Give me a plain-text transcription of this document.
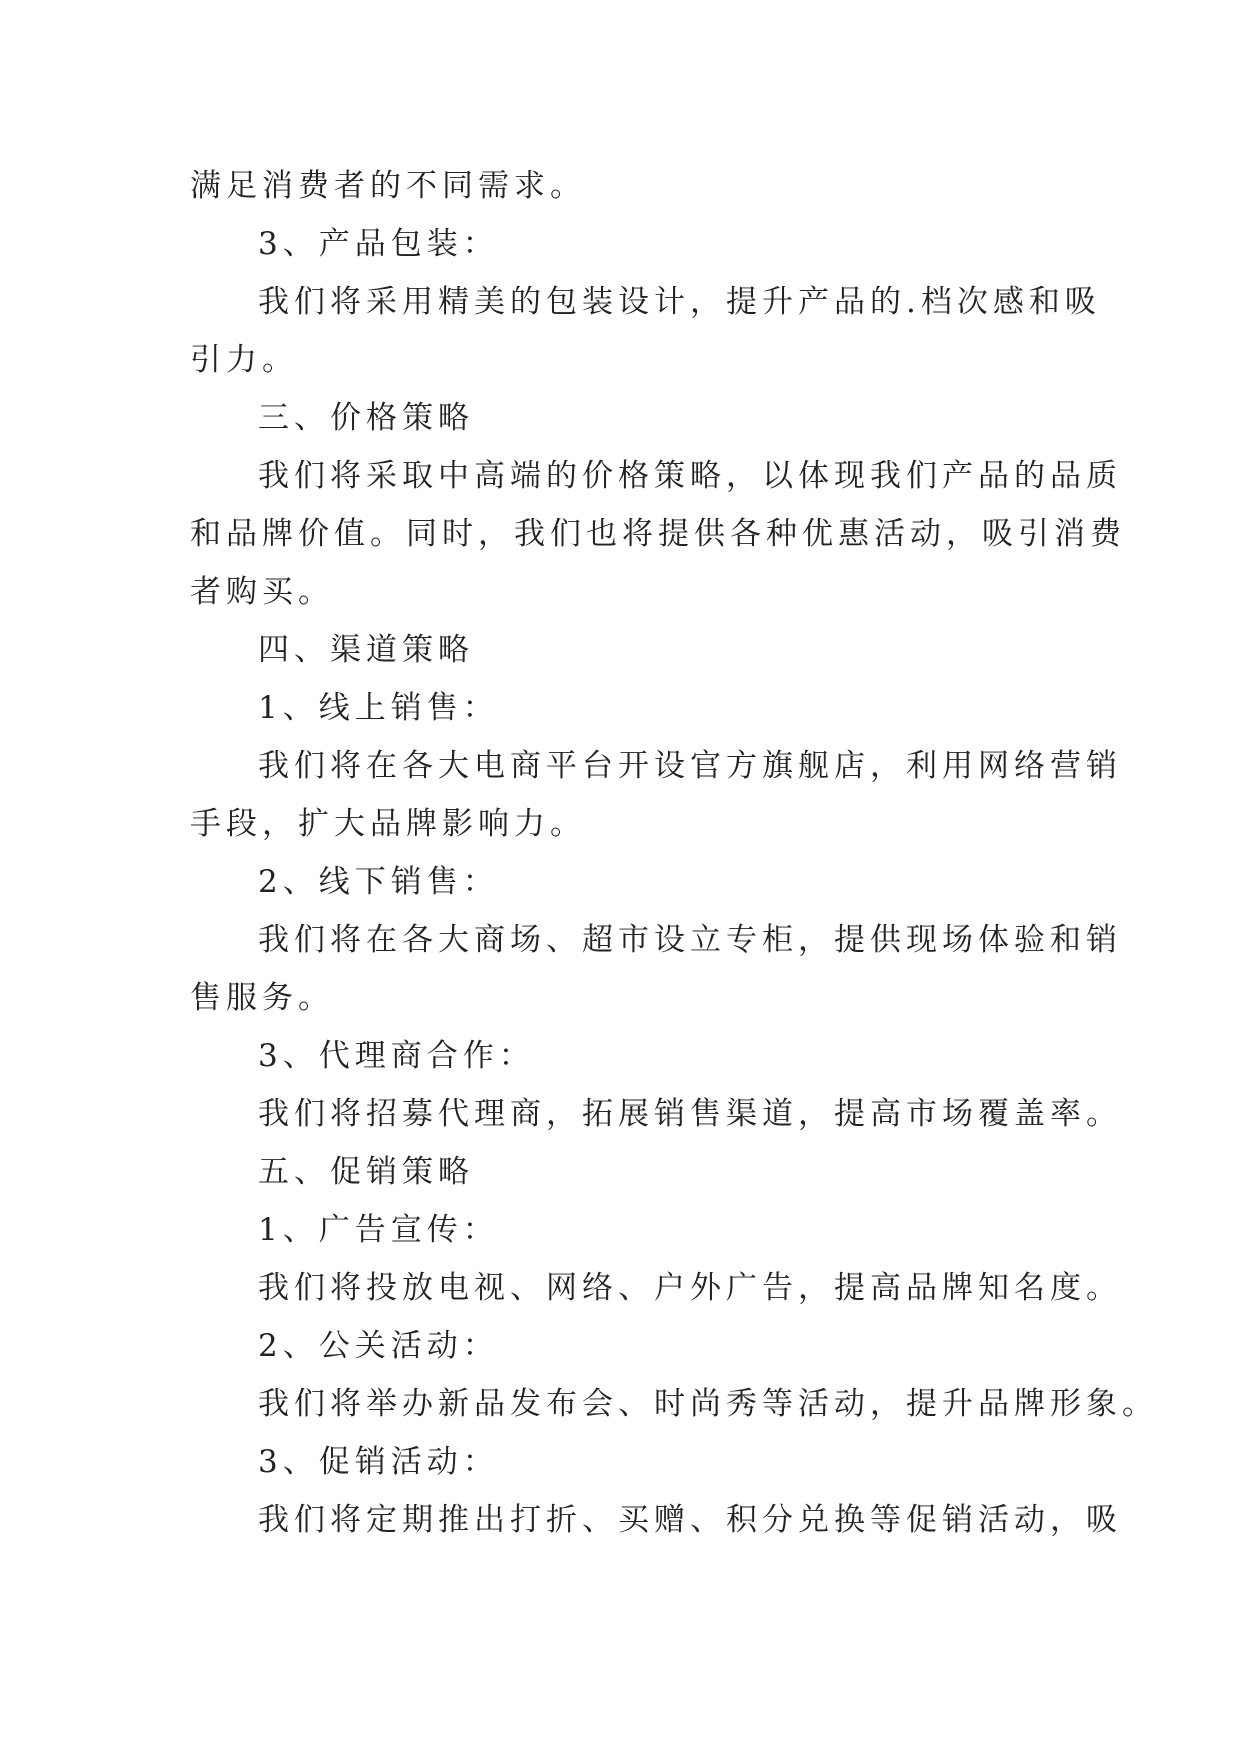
满足消费者的不同需求。
3、产品包装：
我们将采用精美的包装设计，提升产品的.档次感和吸
引力。
三、价格策略
我们将采取中高端的价格策略，以体现我们产品的品质
和品牌价值。同时，我们也将提供各种优惠活动，吸引消费
者购买。
四、渠道策略
1、线上销售：
我们将在各大电商平台开设官方旗舰店，利用网络营销
手段，扩大品牌影响力。
2、线下销售：
我们将在各大商场、超市设立专柜，提供现场体验和销
售服务。
3、代理商合作：
我们将招募代理商，拓展销售渠道，提高市场覆盖率。
五、促销策略
1、广告宣传：
我们将投放电视、网络、户外广告，提高品牌知名度。
2、公关活动：
我们将举办新品发布会、时尚秀等活动，提升品牌形象。
3、促销活动：
我们将定期推出打折、买赠、积分兑换等促销活动，吸
